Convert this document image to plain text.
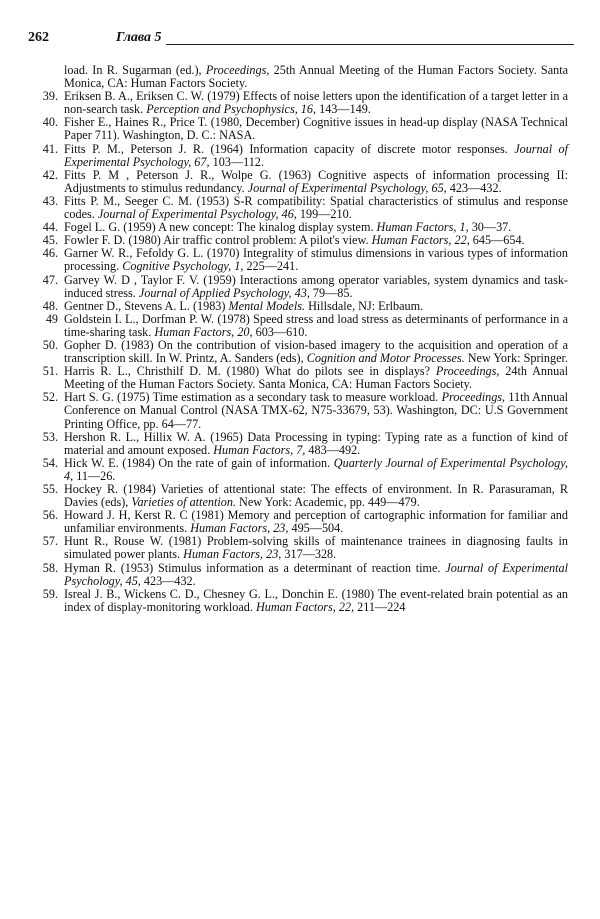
262	Глава 5

load. In R. Sugarman (ed.), Proceedings, 25th Annual Meeting of the Human Factors Society. Santa Monica, CA: Human Factors Society.

39. Eriksen B. A., Eriksen C. W. (1979) Effects of noise letters upon the identification of a target letter in a non-search task. Perception and Psychophysics, 16, 143—149.

40. Fisher E., Haines R., Price T. (1980, December) Cognitive issues in head-up display (NASA Technical Paper 711). Washington, D. C.: NASA.

41. Fitts P. M., Peterson J. R. (1964) Information capacity of discrete motor responses. Journal of Experimental Psychology, 67, 103—112.

42. Fitts P. M , Peterson J. R., Wolpe G. (1963) Cognitive aspects of information processing II: Adjustments to stimulus redundancy. Journal of Experimental Psychology, 65, 423—432.

43. Fitts P. M., Seeger C. M. (1953) S-R compatibility: Spatial characteristics of stimulus and response codes. Journal of Experimental Psychology, 46, 199—210.

44. Fogel L. G. (1959) A new concept: The kinalog display system. Human Factors, 1, 30—37.

45. Fowler F. D. (1980) Air traffic control problem: A pilot's view. Human Factors, 22, 645—654.

46. Garner W. R., Fefoldy G. L. (1970) Integrality of stimulus dimensions in various types of information processing. Cognitive Psychology, 1, 225—241.

47. Garvey W. D , Taylor F. V. (1959) Interactions among operator variables, system dynamics and task-induced stress. Journal of Applied Psychology, 43, 79—85.

48. Gentner D., Stevens A. L. (1983) Mental Models. Hillsdale, NJ: Erlbaum.

49 Goldstein I. L., Dorfman P. W. (1978) Speed stress and load stress as determinants of performance in a time-sharing task. Human Factors, 20, 603—610.

50. Gopher D. (1983) On the contribution of vision-based imagery to the acquisition and operation of a transcription skill. In W. Printz, A. Sanders (eds), Cognition and Motor Processes. New York: Springer.

51. Harris R. L., Christhilf D. M. (1980) What do pilots see in displays? Proceedings, 24th Annual Meeting of the Human Factors Society. Santa Monica, CA: Human Factors Society.

52. Hart S. G. (1975) Time estimation as a secondary task to measure workload. Proceedings, 11th Annual Conference on Manual Control (NASA TMX-62, N75-33679, 53). Washington, DC: U.S Government Printing Office, pp. 64—77.

53. Hershon R. L., Hillix W. A. (1965) Data Processing in typing: Typing rate as a function of kind of material and amount exposed. Human Factors, 7, 483—492.

54. Hick W. E. (1984) On the rate of gain of information. Quarterly Journal of Experimental Psychology, 4, 11—26.

55. Hockey R. (1984) Varieties of attentional state: The effects of environment. In R. Parasuraman, R Davies (eds), Varieties of attention. New York: Academic, pp. 449—479.

56. Howard J. H, Kerst R. C (1981) Memory and perception of cartographic information for familiar and unfamiliar environments. Human Factors, 23, 495—504.

57. Hunt R., Rouse W. (1981) Problem-solving skills of maintenance trainees in diagnosing faults in simulated power plants. Human Factors, 23, 317—328.

58. Hyman R. (1953) Stimulus information as a determinant of reaction time. Journal of Experimental Psychology, 45, 423—432.

59. Isreal J. B., Wickens C. D., Chesney G. L., Donchin E. (1980) The event-related brain potential as an index of display-monitoring workload. Human Factors, 22, 211—224
